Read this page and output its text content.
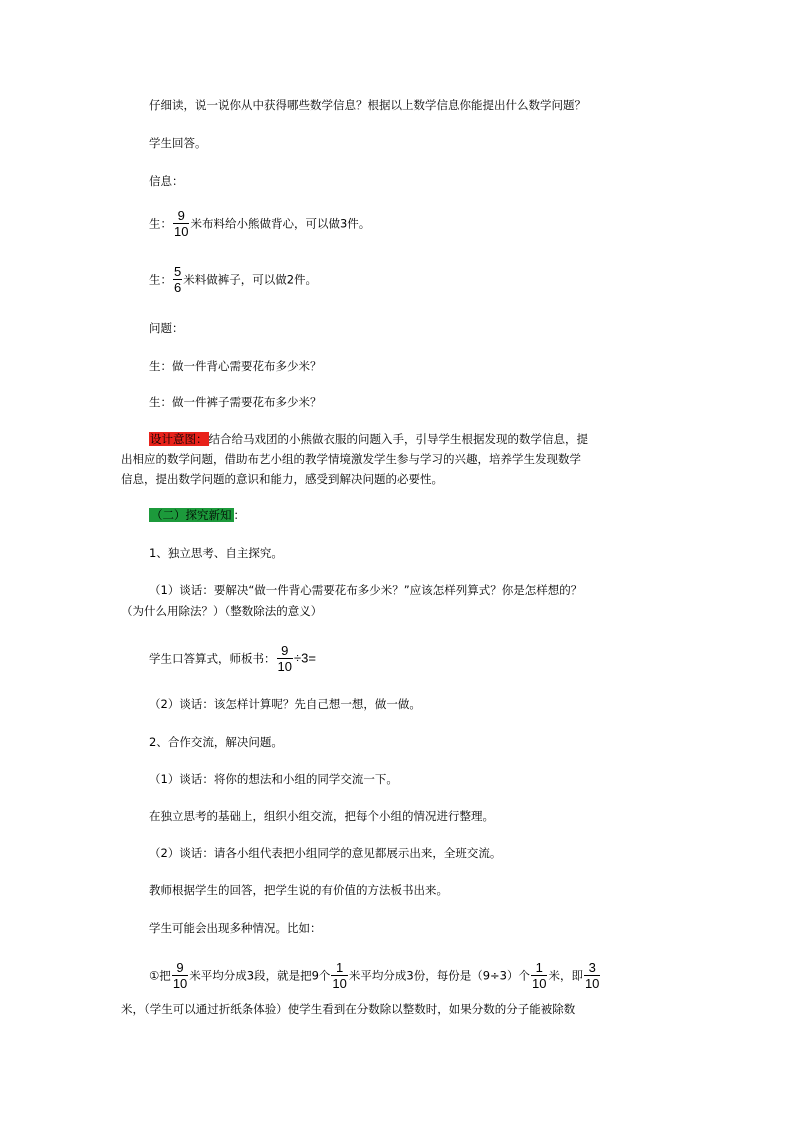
仔细读，说一说你从中获得哪些数学信息？根据以上数学信息你能提出什么数学问题？
学生回答。
信息：
生： $\frac{9}{10}$ 米布料给小熊做背心，可以做3件。
生： $\frac{5}{6}$ 米料做裤子，可以做2件。
问题：
生：做一件背心需要花布多少米？
生：做一件裤子需要花布多少米？
设计意图：结合给马戏团的小熊做衣服的问题入手，引导学生根据发现的数学信息，提
出相应的数学问题，借助布艺小组的教学情境激发学生参与学习的兴趣，培养学生发现数学
信息，提出数学问题的意识和能力，感受到解决问题的必要性。
（二）探究新知 ：
1、独立思考、自主探究。
（1）谈话：要解决“做一件背心需要花布多少米？”应该怎样列算式？你是怎样想的？
（为什么用除法？）（整数除法的意义）
学生口答算式，师板书： $\frac{9}{10} \div 3=$
（2）谈话：该怎样计算呢？先自己想一想，做一做。
2、合作交流，解决问题。
（1）谈话：将你的想法和小组的同学交流一下。
在独立思考的基础上，组织小组交流，把每个小组的情况进行整理。
（2）谈话：请各小组代表把小组同学的意见都展示出来，全班交流。
教师根据学生的回答，把学生说的有价值的方法板书出来。
学生可能会出现多种情况。比如：
①把 $\frac{9}{10}$ 米平均分成3段，就是把9个 $\frac{1}{10}$ 米平均分成3份，每份是（9÷3）个 $\frac{1}{10}$ 米，即 $\frac{3}{10}$
米，（学生可以通过折纸条体验）使学生看到在分数除以整数时，如果分数的分子能被除数
